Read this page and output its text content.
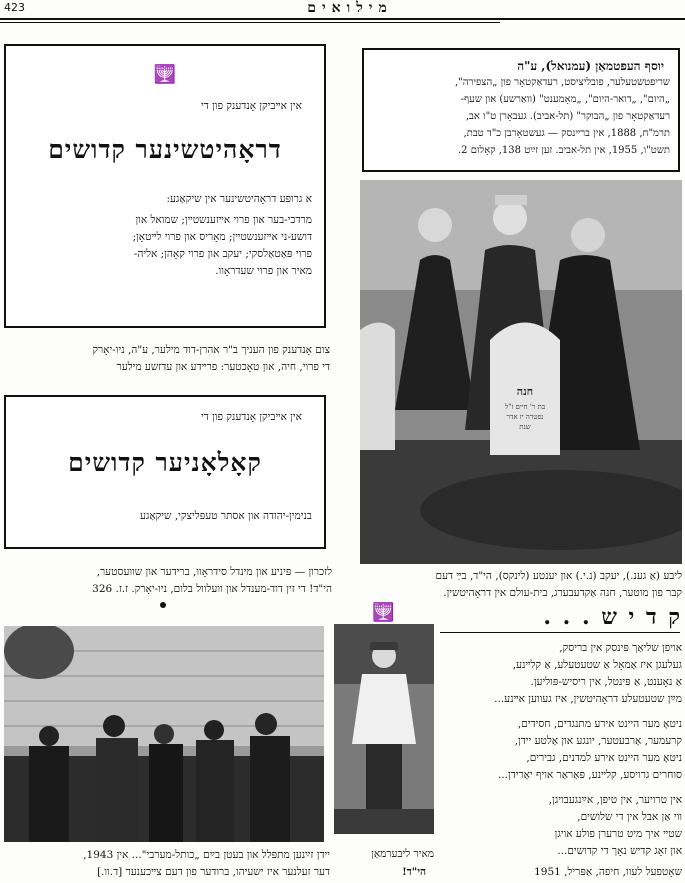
423	מילואים
🕎
אין אײביקן אָנדענק פון די
דראָהיטשינער קדושים
א גרופּע דראָהיטשינער אין שיקאַגע:
מרדכי-בער און פרוי אײזענשטײן; שמואל און
דושע-ני אײזענשטײן; מאָריס און פרוי לײטאָן;
פרוי פּאַטאַלסקי; יעקב און פרוי קאָהן; אליה-
מאיר און פרוי שעדראָוו.
צום אָנדענק פון העניך ב"ר אהרן-דוד מילער, ע"ה, ניו-יאָרק
די פרוי, חיה, און טאָכטער: פרײדע און עדזשע מילער
אין אײביקן אָנדענק פון די
קאָלאָניער קדושים
בנימין-יהודה און אסתר טעפּליצקי, שיקאַגע
לזכרון — פּיניע און מינדל סידראָוו, ברידער און שוועסטער,
הי"ד! די זין דוד-מענדל און וועלוול בלום, ניו-יאָרק. ז.ז. 326
יוסף העפטמאַן (עמנואל), ע"ה
שריפטשטעלער, פובליציסט, רעדאַקטאָר פון „הצפירה",
„היום", „דואר-היום", „מאָמענט" (וואַרשע) און שעף-
רעדאַקטאָר פון „הבוקר" (תל-אביב). געבאָרן ט"ו אב,
תרמ"ח, 1888, אין ברײנסק — געשטאָרבן כ"ד טבת,
תשט"ו, 1955, אין תל-אביב. זען זײַט 138, קאָלום 2.
חנה
בת ר' חיים ז"ל
נפטרה יז אדר
שנת
ליבע (אַ גענ.), יעקב (נ.י.) און יענטע (לינקס), הי"ד, בײַ דעם
קבר פון מוטער, חנה אַקדעבערג, בית-עולם אין דראָהיטשין.
יידן זײַנען מתפּלל און בעטן בײַם „כותל-מערבי"... אין 1943,
דער זעלנער איז ישעיהו, ברודער פון דעם צײכענער [ד.וו.]
🕎
מאיר ליבערמאַן
הי"ד!
ק ד י ש . . .
אויפן שליאַך פּינסק אין בריסק,
געלעגן איז אַמאָל אַ שטעטעלע, אַ קלײנע,
אַ נאָענט, אַ פּינטל, אין ריסיש-פּוליען.
מײַן שטעטעלע דראָהיטשין, איז געווען אײנע...
ניטאָ מער היינט אירע מתנגדים, חסידים,
קרעמער, אַרבעטער, יונגע און אַלטע יידן,
ניטאָ מער היינט אירע למדנים, גבירים,
סוחרים גרויסע, קלײנע, פּאַראַר אויף יאַרידן...
אין טרויער, אין טיפן, אײַנגעבויגן,
ווי אַן אבל אין די שלושים,
שטײ איך מיט טרערן פולע אויגן
און זאָג קדיש נאָך די קדושים...
שאָטפעל לעוו, חיפה, אַפּריל, 1951
